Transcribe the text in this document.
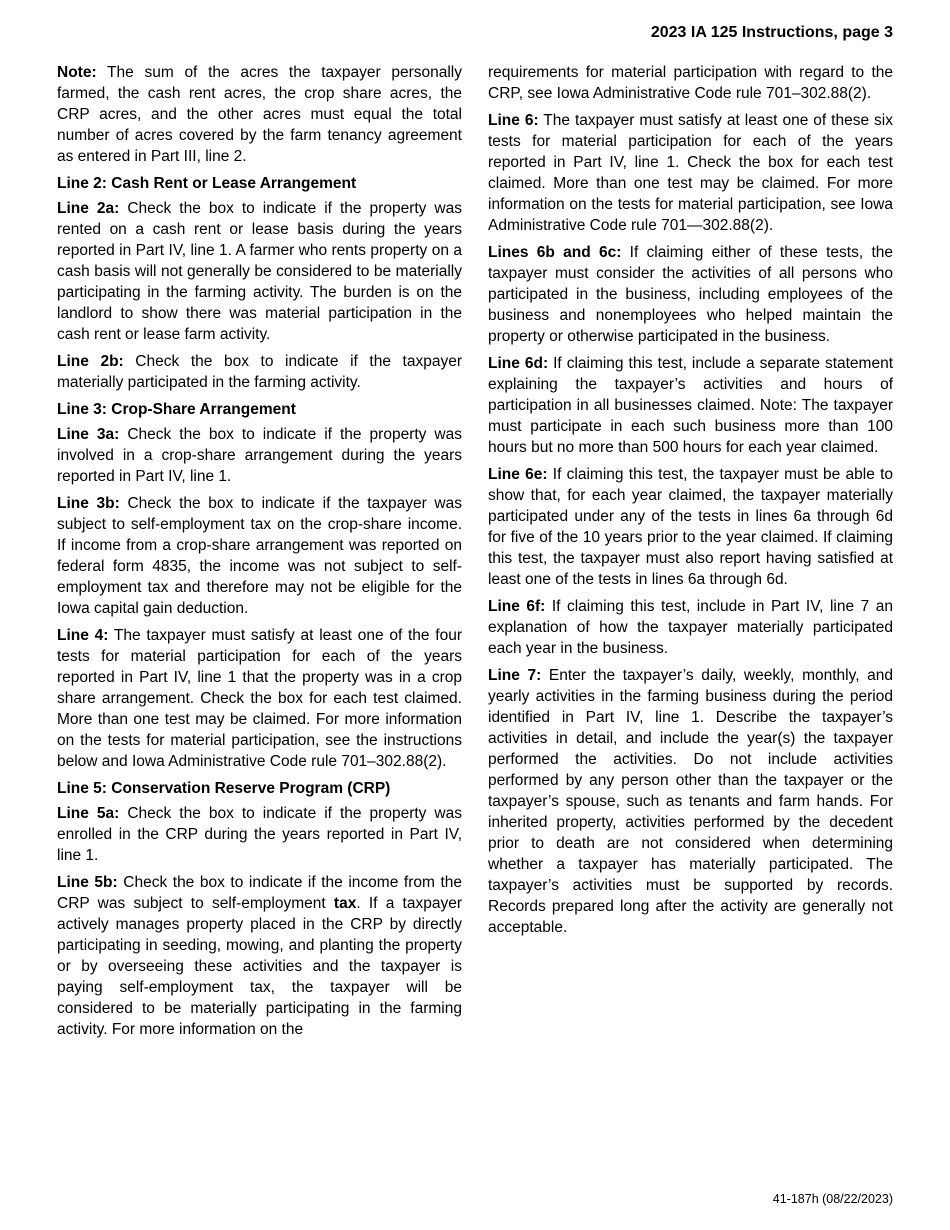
2023 IA 125 Instructions, page 3

Note: The sum of the acres the taxpayer personally farmed, the cash rent acres, the crop share acres, the CRP acres, and the other acres must equal the total number of acres covered by the farm tenancy agreement as entered in Part III, line 2.

Line 2: Cash Rent or Lease Arrangement

Line 2a: Check the box to indicate if the property was rented on a cash rent or lease basis during the years reported in Part IV, line 1. A farmer who rents property on a cash basis will not generally be considered to be materially participating in the farming activity. The burden is on the landlord to show there was material participation in the cash rent or lease farm activity.

Line 2b: Check the box to indicate if the taxpayer materially participated in the farming activity.

Line 3: Crop-Share Arrangement

Line 3a: Check the box to indicate if the property was involved in a crop-share arrangement during the years reported in Part IV, line 1.

Line 3b: Check the box to indicate if the taxpayer was subject to self-employment tax on the crop-share income. If income from a crop-share arrangement was reported on federal form 4835, the income was not subject to self-employment tax and therefore may not be eligible for the Iowa capital gain deduction.

Line 4: The taxpayer must satisfy at least one of the four tests for material participation for each of the years reported in Part IV, line 1 that the property was in a crop share arrangement. Check the box for each test claimed. More than one test may be claimed. For more information on the tests for material participation, see the instructions below and Iowa Administrative Code rule 701–302.88(2).

Line 5: Conservation Reserve Program (CRP)

Line 5a: Check the box to indicate if the property was enrolled in the CRP during the years reported in Part IV, line 1.

Line 5b: Check the box to indicate if the income from the CRP was subject to self-employment tax. If a taxpayer actively manages property placed in the CRP by directly participating in seeding, mowing, and planting the property or by overseeing these activities and the taxpayer is paying self-employment tax, the taxpayer will be considered to be materially participating in the farming activity. For more information on the

requirements for material participation with regard to the CRP, see Iowa Administrative Code rule 701–302.88(2).

Line 6: The taxpayer must satisfy at least one of these six tests for material participation for each of the years reported in Part IV, line 1. Check the box for each test claimed. More than one test may be claimed. For more information on the tests for material participation, see Iowa Administrative Code rule 701—302.88(2).

Lines 6b and 6c: If claiming either of these tests, the taxpayer must consider the activities of all persons who participated in the business, including employees of the business and nonemployees who helped maintain the property or otherwise participated in the business.

Line 6d: If claiming this test, include a separate statement explaining the taxpayer’s activities and hours of participation in all businesses claimed. Note: The taxpayer must participate in each such business more than 100 hours but no more than 500 hours for each year claimed.

Line 6e: If claiming this test, the taxpayer must be able to show that, for each year claimed, the taxpayer materially participated under any of the tests in lines 6a through 6d for five of the 10 years prior to the year claimed. If claiming this test, the taxpayer must also report having satisfied at least one of the tests in lines 6a through 6d.

Line 6f: If claiming this test, include in Part IV, line 7 an explanation of how the taxpayer materially participated each year in the business.

Line 7: Enter the taxpayer’s daily, weekly, monthly, and yearly activities in the farming business during the period identified in Part IV, line 1. Describe the taxpayer’s activities in detail, and include the year(s) the taxpayer performed the activities. Do not include activities performed by any person other than the taxpayer or the taxpayer’s spouse, such as tenants and farm hands. For inherited property, activities performed by the decedent prior to death are not considered when determining whether a taxpayer has materially participated. The taxpayer’s activities must be supported by records. Records prepared long after the activity are generally not acceptable.

41-187h (08/22/2023)
